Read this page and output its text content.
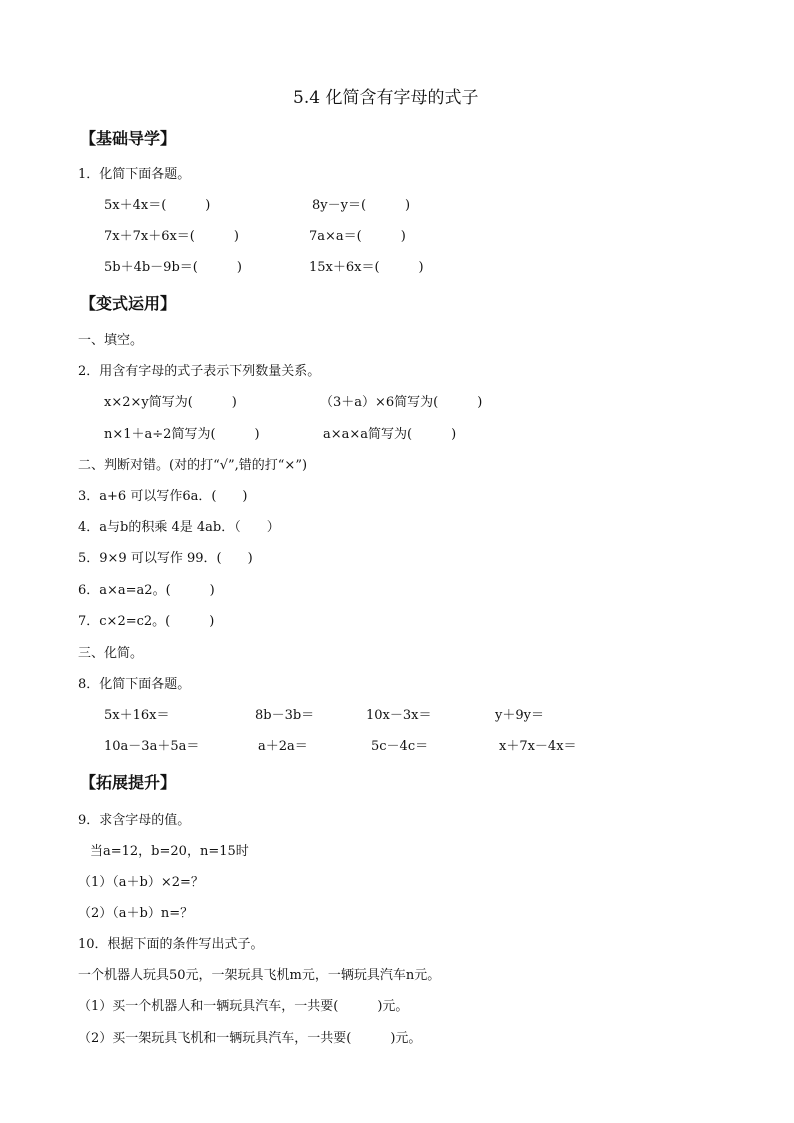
5.4 化简含有字母的式子
【基础导学】
1．化简下面各题。
5x＋4x＝(　　　)	8y－y＝(　　　)
7x＋7x＋6x＝(　　　)	7a×a＝(　　　)
5b＋4b－9b＝(　　　)	15x＋6x＝(　　　)
【变式运用】
一、填空。
2．用含有字母的式子表示下列数量关系。
x×2×y简写为(　　　)	（3＋a）×6简写为(　　　)
n×1＋a÷2简写为(　　　)	a×a×a简写为(　　　)
二、判断对错。(对的打“√”,错的打“×”)
3．a+6 可以写作6a．(　　)
4．a与b的积乘 4是 4ab．（　　）
5．9×9 可以写作 99．(　　)
6．a×a=a2。(　　　)
7．c×2=c2。(　　　)
三、化简。
8．化简下面各题。
5x＋16x＝	8b－3b＝	10x－3x＝	y＋9y＝
10a－3a＋5a＝	a＋2a＝	5c－4c＝	x＋7x－4x＝
【拓展提升】
9．求含字母的值。
当a=12，b=20，n=15时
（1）（a＋b）×2=？
（2）（a＋b）n=？
10．根据下面的条件写出式子。
一个机器人玩具50元，一架玩具飞机m元，一辆玩具汽车n元。
（1）买一个机器人和一辆玩具汽车，一共要(　　　)元。
（2）买一架玩具飞机和一辆玩具汽车，一共要(　　　)元。
